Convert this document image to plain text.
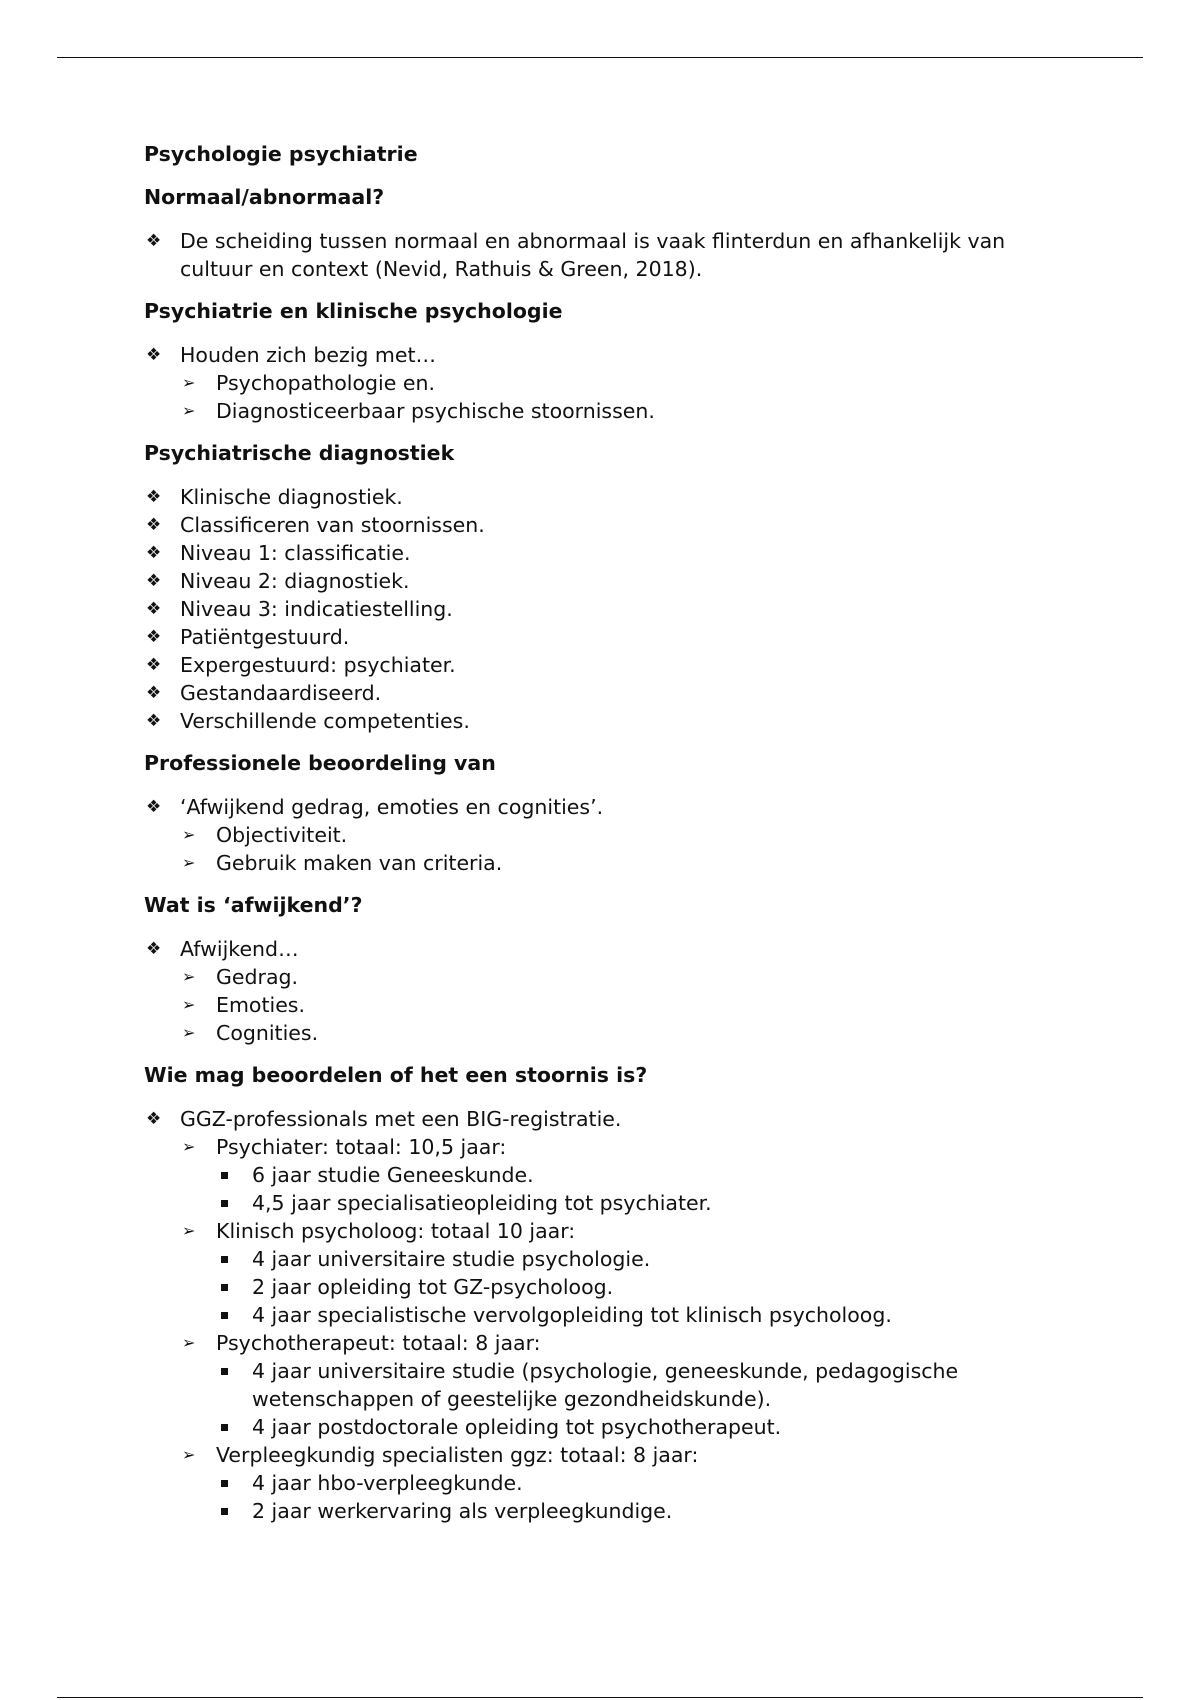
Psychologie psychiatrie

Normaal/abnormaal?

❖ De scheiding tussen normaal en abnormaal is vaak flinterdun en afhankelijk van cultuur en context (Nevid, Rathuis & Green, 2018).

Psychiatrie en klinische psychologie

❖ Houden zich bezig met…
➢ Psychopathologie en.
➢ Diagnosticeerbaar psychische stoornissen.

Psychiatrische diagnostiek

❖ Klinische diagnostiek.
❖ Classificeren van stoornissen.
❖ Niveau 1: classificatie.
❖ Niveau 2: diagnostiek.
❖ Niveau 3: indicatiestelling.
❖ Patiëntgestuurd.
❖ Expergestuurd: psychiater.
❖ Gestandaardiseerd.
❖ Verschillende competenties.

Professionele beoordeling van

❖ ‘Afwijkend gedrag, emoties en cognities’.
➢ Objectiviteit.
➢ Gebruik maken van criteria.

Wat is ‘afwijkend’?

❖ Afwijkend…
➢ Gedrag.
➢ Emoties.
➢ Cognities.

Wie mag beoordelen of het een stoornis is?

❖ GGZ-professionals met een BIG-registratie.
➢ Psychiater: totaal: 10,5 jaar:
6 jaar studie Geneeskunde.
4,5 jaar specialisatieopleiding tot psychiater.
➢ Klinisch psycholoog: totaal 10 jaar:
4 jaar universitaire studie psychologie.
2 jaar opleiding tot GZ-psycholoog.
4 jaar specialistische vervolgopleiding tot klinisch psycholoog.
➢ Psychotherapeut: totaal: 8 jaar:
4 jaar universitaire studie (psychologie, geneeskunde, pedagogische wetenschappen of geestelijke gezondheidskunde).
4 jaar postdoctorale opleiding tot psychotherapeut.
➢ Verpleegkundig specialisten ggz: totaal: 8 jaar:
4 jaar hbo-verpleegkunde.
2 jaar werkervaring als verpleegkundige.
